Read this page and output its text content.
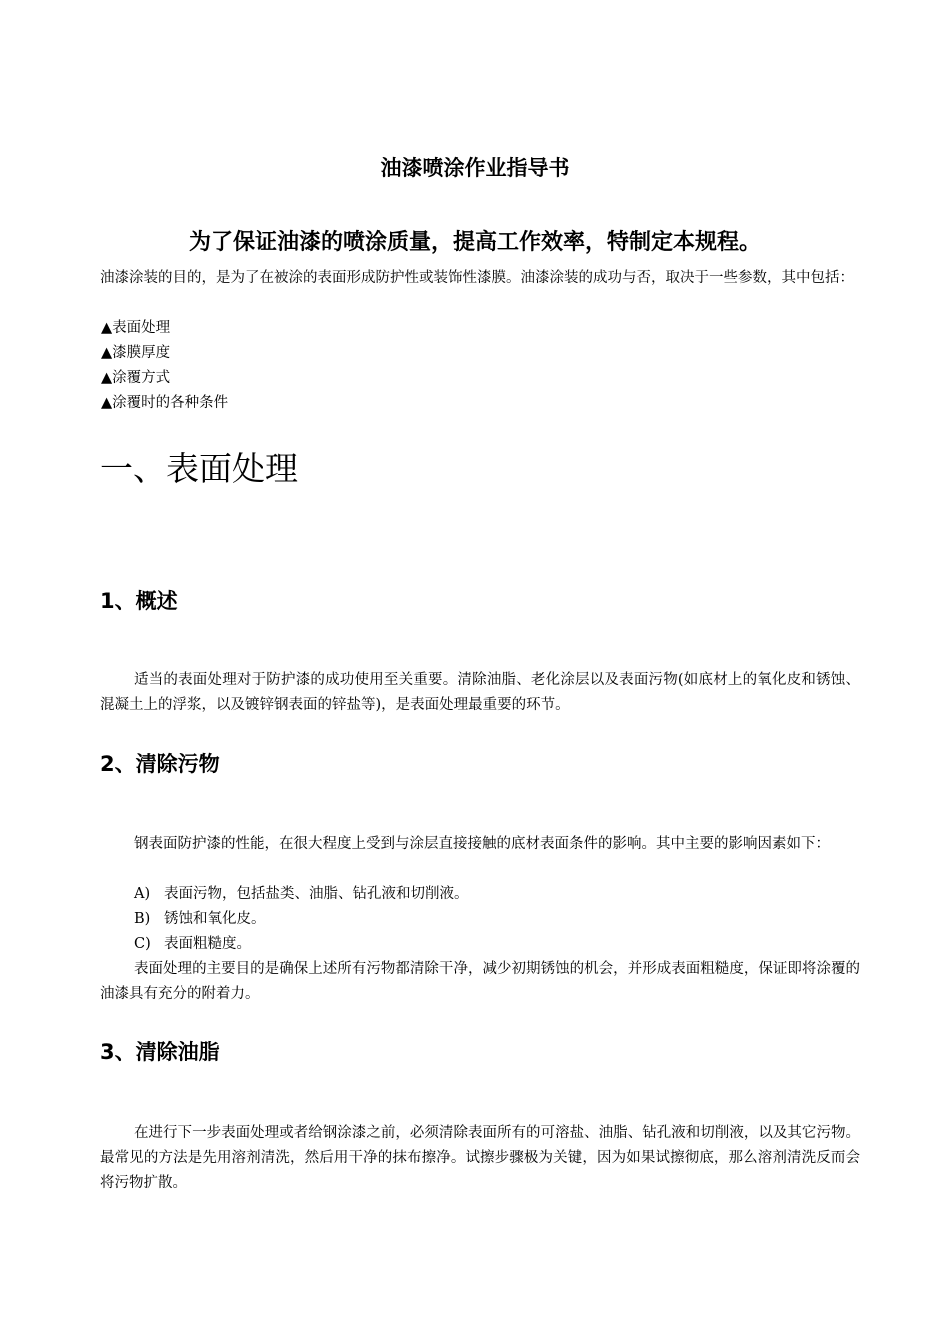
油漆喷涂作业指导书
为了保证油漆的喷涂质量，提高工作效率，特制定本规程。
油漆涂装的目的，是为了在被涂的表面形成防护性或装饰性漆膜。油漆涂装的成功与否，取决于一些参数，其中包括：
▲表面处理
▲漆膜厚度
▲涂覆方式
▲涂覆时的各种条件
一、表面处理
1、概述
适当的表面处理对于防护漆的成功使用至关重要。清除油脂、老化涂层以及表面污物(如底材上的氧化皮和锈蚀、混凝土上的浮浆，以及镀锌钢表面的锌盐等)，是表面处理最重要的环节。
2、清除污物
钢表面防护漆的性能，在很大程度上受到与涂层直接接触的底材表面条件的影响。其中主要的影响因素如下：
A) 表面污物，包括盐类、油脂、钻孔液和切削液。
B) 锈蚀和氧化皮。
C) 表面粗糙度。
表面处理的主要目的是确保上述所有污物都清除干净，减少初期锈蚀的机会，并形成表面粗糙度，保证即将涂覆的油漆具有充分的附着力。
3、清除油脂
在进行下一步表面处理或者给钢涂漆之前，必须清除表面所有的可溶盐、油脂、钻孔液和切削液，以及其它污物。最常见的方法是先用溶剂清洗，然后用干净的抹布擦净。试擦步骤极为关键，因为如果试擦彻底，那么溶剂清洗反而会将污物扩散。
